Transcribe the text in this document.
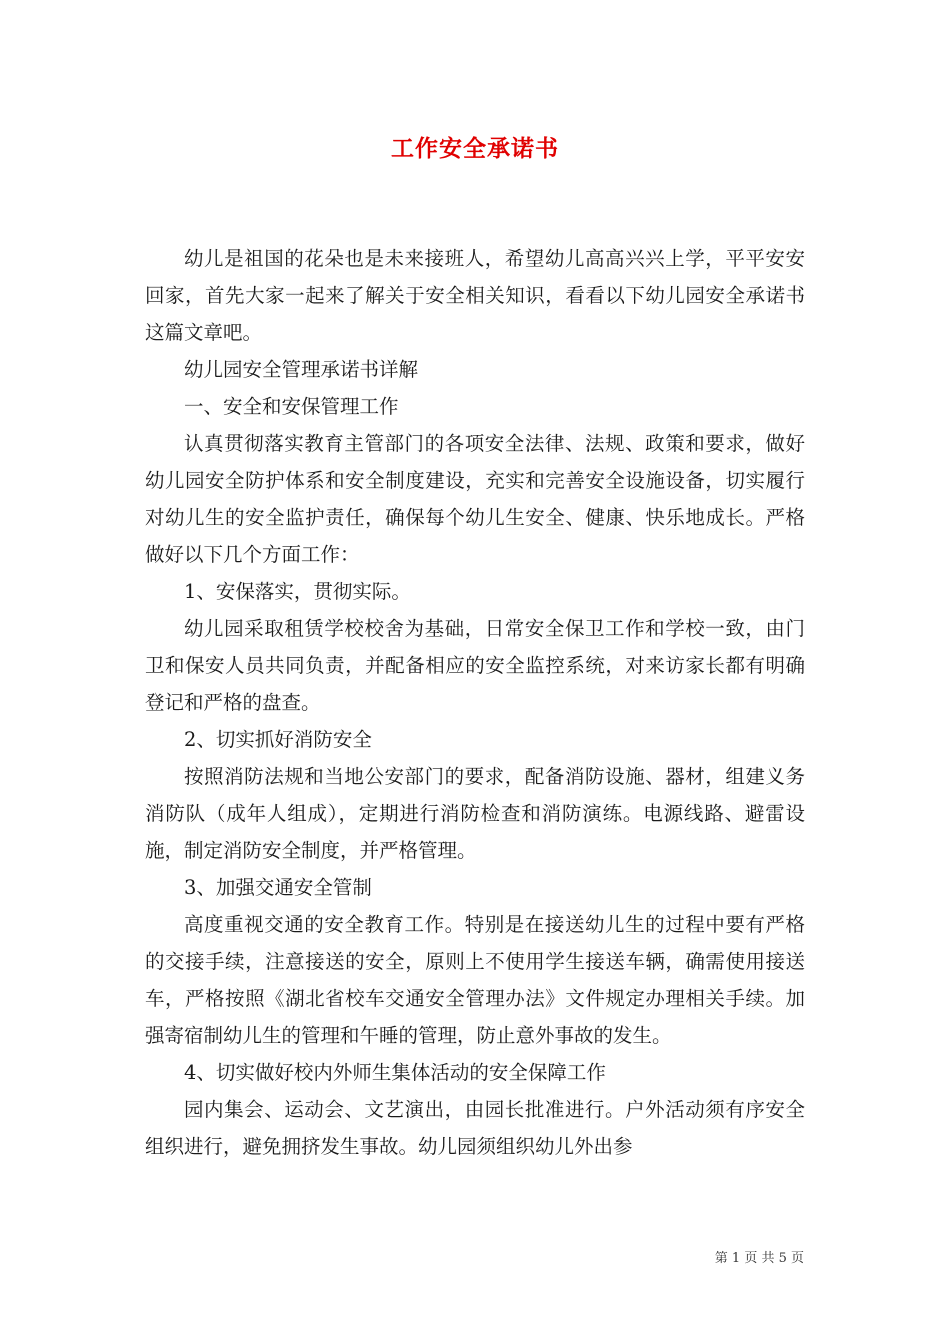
工作安全承诺书

幼儿是祖国的花朵也是未来接班人，希望幼儿高高兴兴上学，平平安安回家，首先大家一起来了解关于安全相关知识，看看以下幼儿园安全承诺书这篇文章吧。

幼儿园安全管理承诺书详解

一、安全和安保管理工作

认真贯彻落实教育主管部门的各项安全法律、法规、政策和要求，做好幼儿园安全防护体系和安全制度建设，充实和完善安全设施设备，切实履行对幼儿生的安全监护责任，确保每个幼儿生安全、健康、快乐地成长。严格做好以下几个方面工作：

1、安保落实，贯彻实际。

幼儿园采取租赁学校校舍为基础，日常安全保卫工作和学校一致，由门卫和保安人员共同负责，并配备相应的安全监控系统，对来访家长都有明确登记和严格的盘查。

2、切实抓好消防安全

按照消防法规和当地公安部门的要求，配备消防设施、器材，组建义务消防队（成年人组成），定期进行消防检查和消防演练。电源线路、避雷设施，制定消防安全制度，并严格管理。

3、加强交通安全管制

高度重视交通的安全教育工作。特别是在接送幼儿生的过程中要有严格的交接手续，注意接送的安全，原则上不使用学生接送车辆，确需使用接送车，严格按照《湖北省校车交通安全管理办法》文件规定办理相关手续。加强寄宿制幼儿生的管理和午睡的管理，防止意外事故的发生。

4、切实做好校内外师生集体活动的安全保障工作

园内集会、运动会、文艺演出，由园长批准进行。户外活动须有序安全组织进行，避免拥挤发生事故。幼儿园须组织幼儿外出参

第 1 页 共 5 页
